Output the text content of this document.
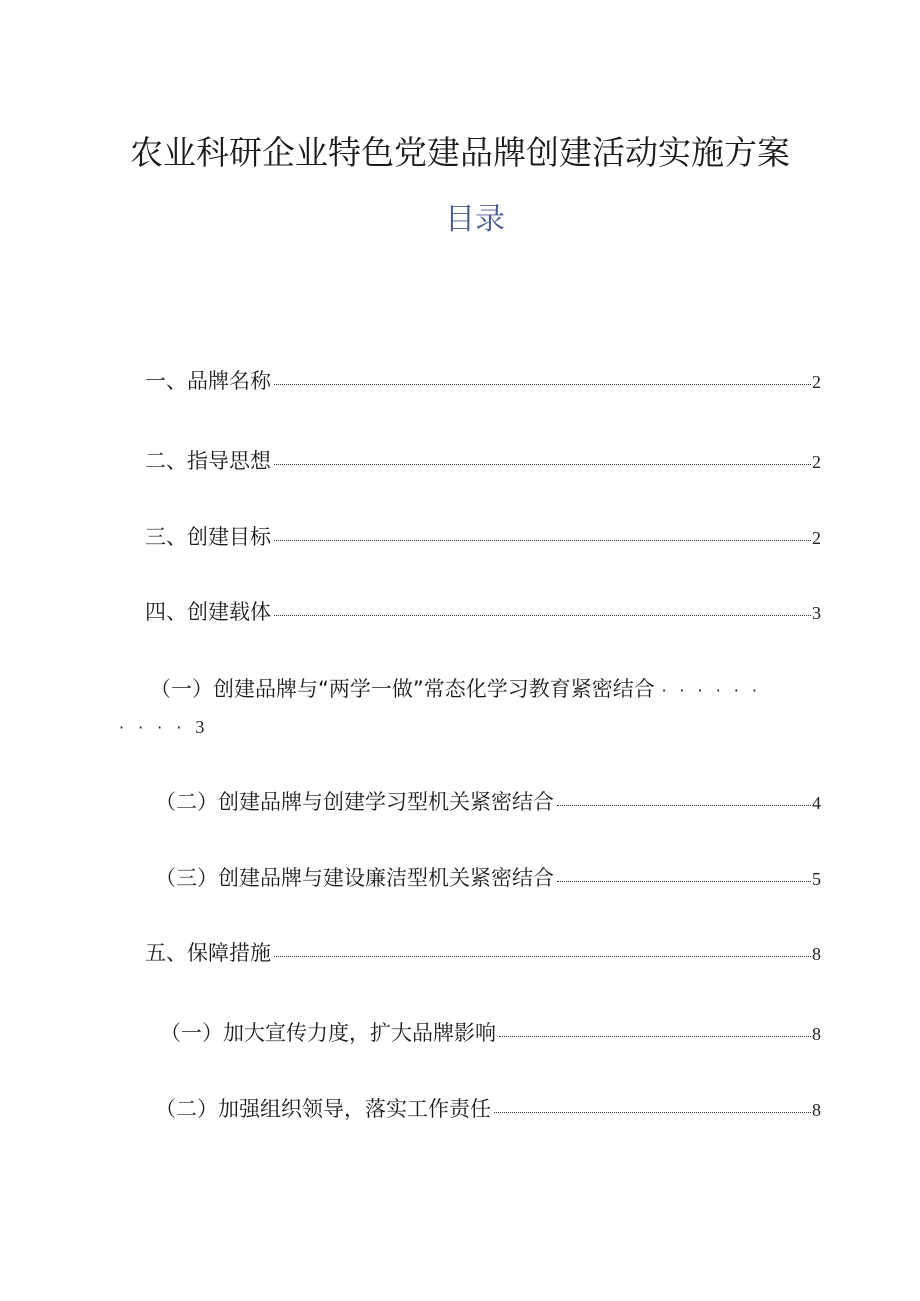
农业科研企业特色党建品牌创建活动实施方案
目录
一、品牌名称	2
二、指导思想	2
三、创建目标	2
四、创建载体	3
（一）创建品牌与“两学一做”常态化学习教育紧密结合 ······
···· 3
（二）创建品牌与创建学习型机关紧密结合	4
（三）创建品牌与建设廉洁型机关紧密结合	5
五、保障措施	8
（一）加大宣传力度，扩大品牌影响	8
（二）加强组织领导，落实工作责任	8
